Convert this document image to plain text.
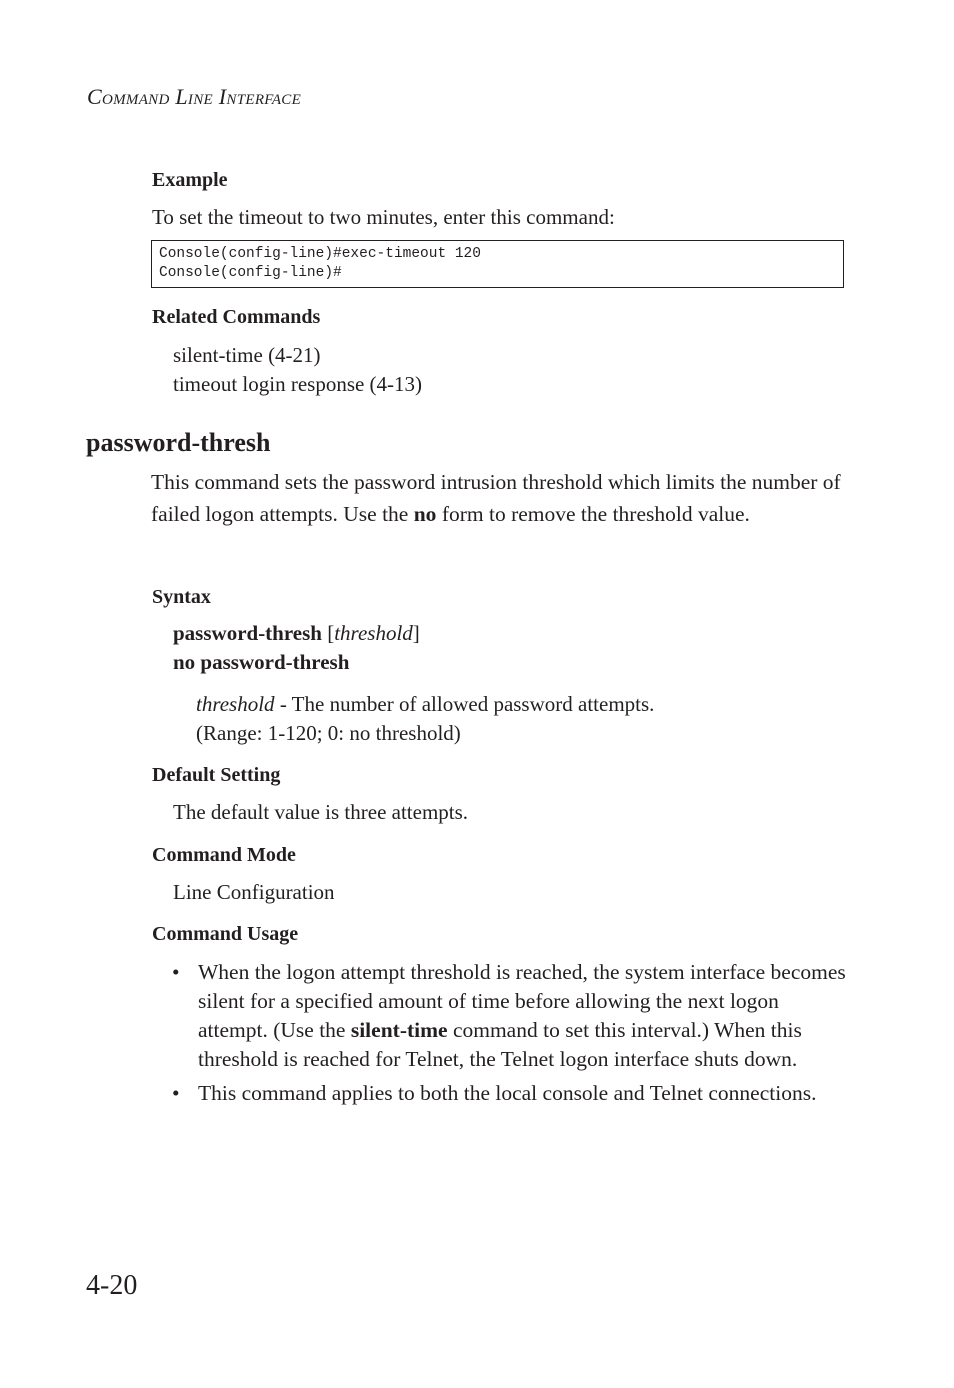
Command Line Interface
Example
To set the timeout to two minutes, enter this command:
Console(config-line)#exec-timeout 120
Console(config-line)#
Related Commands
silent-time (4-21)
timeout login response (4-13)
password-thresh
This command sets the password intrusion threshold which limits the number of failed logon attempts. Use the no form to remove the threshold value.
Syntax
password-thresh [threshold]
no password-thresh
threshold - The number of allowed password attempts.
(Range: 1-120; 0: no threshold)
Default Setting
The default value is three attempts.
Command Mode
Line Configuration
Command Usage
• When the logon attempt threshold is reached, the system interface becomes silent for a specified amount of time before allowing the next logon attempt. (Use the silent-time command to set this interval.) When this threshold is reached for Telnet, the Telnet logon interface shuts down.
• This command applies to both the local console and Telnet connections.
4-20
